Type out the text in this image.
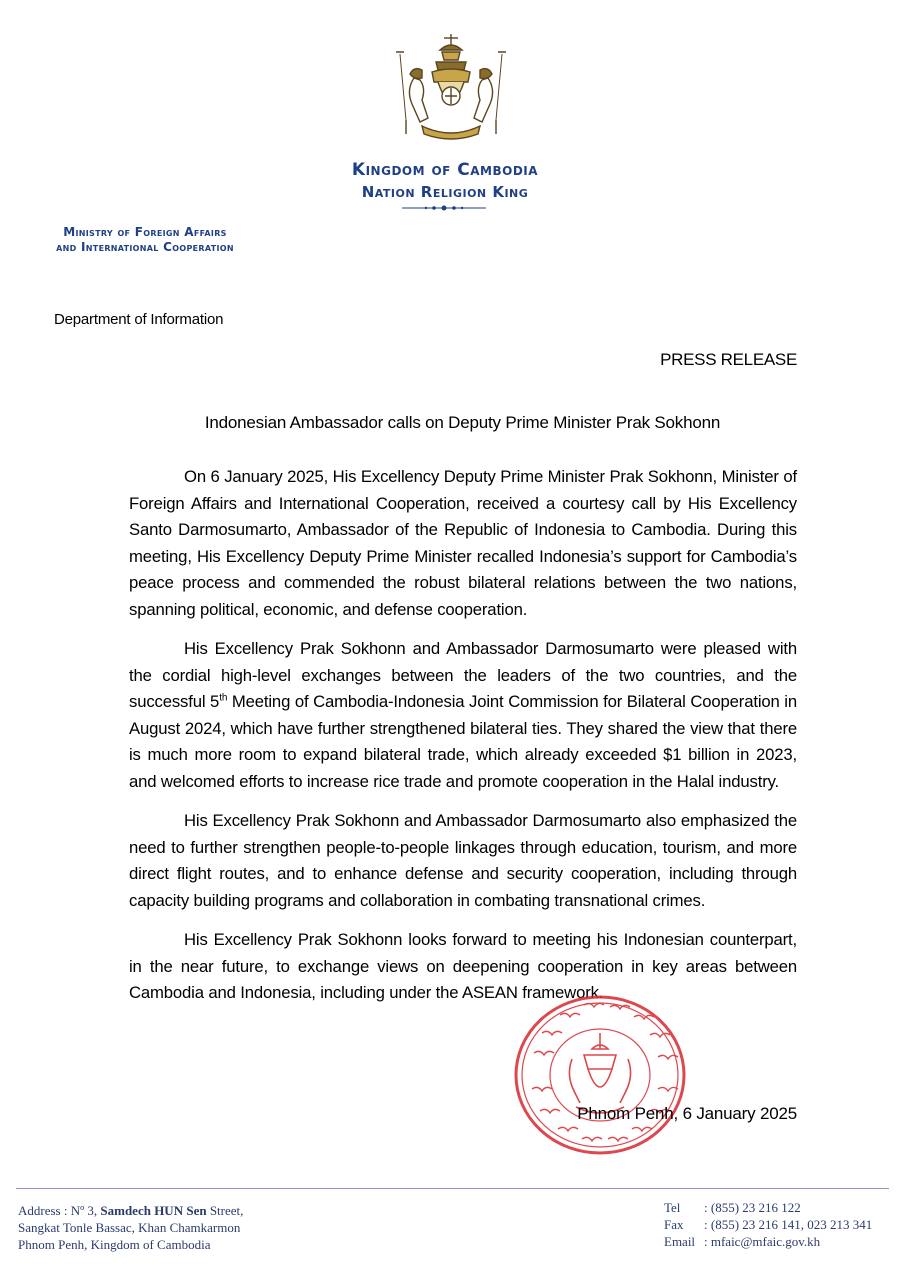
Kingdom of Cambodia
Nation Religion King
Ministry of Foreign Affairs
and International Cooperation
Department of Information
PRESS RELEASE
Indonesian Ambassador calls on Deputy Prime Minister Prak Sokhonn

On 6 January 2025, His Excellency Deputy Prime Minister Prak Sokhonn, Minister of Foreign Affairs and International Cooperation, received a courtesy call by His Excellency Santo Darmosumarto, Ambassador of the Republic of Indonesia to Cambodia. During this meeting, His Excellency Deputy Prime Minister recalled Indonesia’s support for Cambodia’s peace process and commended the robust bilateral relations between the two nations, spanning political, economic, and defense cooperation.

His Excellency Prak Sokhonn and Ambassador Darmosumarto were pleased with the cordial high-level exchanges between the leaders of the two countries, and the successful 5th Meeting of Cambodia-Indonesia Joint Commission for Bilateral Cooperation in August 2024, which have further strengthened bilateral ties. They shared the view that there is much more room to expand bilateral trade, which already exceeded $1 billion in 2023, and welcomed efforts to increase rice trade and promote cooperation in the Halal industry.

His Excellency Prak Sokhonn and Ambassador Darmosumarto also emphasized the need to further strengthen people-to-people linkages through education, tourism, and more direct flight routes, and to enhance defense and security cooperation, including through capacity building programs and collaboration in combating transnational crimes.

His Excellency Prak Sokhonn looks forward to meeting his Indonesian counterpart, in the near future, to exchange views on deepening cooperation in key areas between Cambodia and Indonesia, including under the ASEAN framework.

Phnom Penh, 6 January 2025
Address : Nº 3, Samdech HUN Sen Street,
Sangkat Tonle Bassac, Khan Chamkarmon
Phnom Penh, Kingdom of Cambodia
Tel : (855) 23 216 122
Fax : (855) 23 216 141, 023 213 341
Email : mfaic@mfaic.gov.kh
